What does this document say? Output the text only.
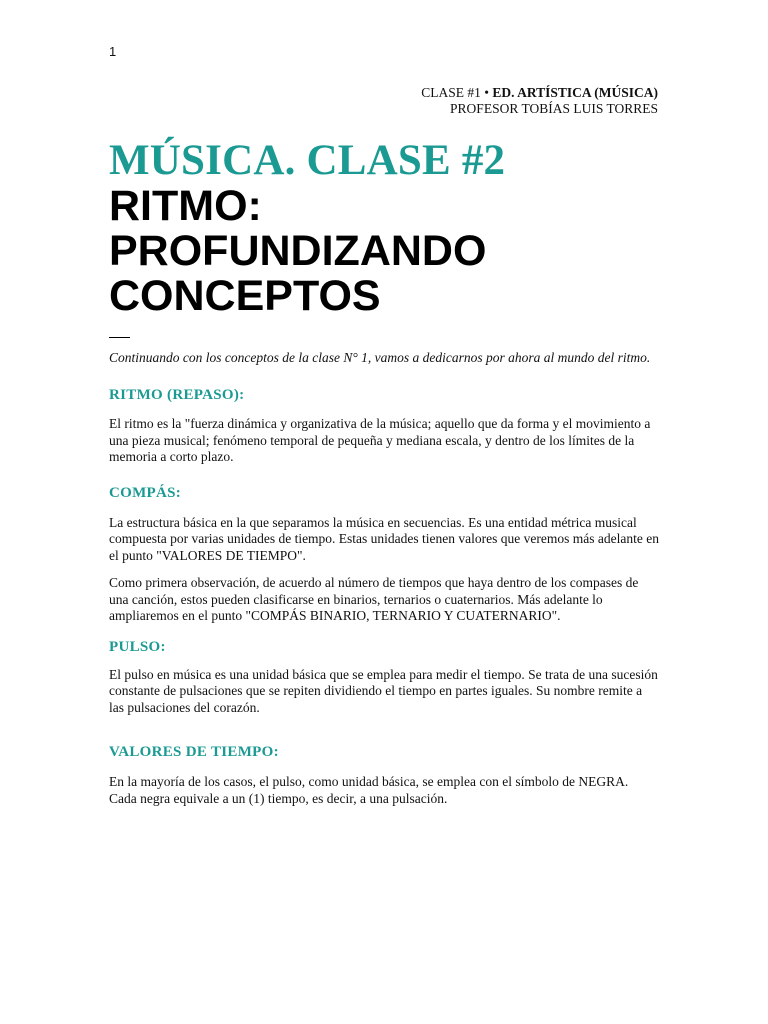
1
CLASE #1 • ED. ARTÍSTICA (MÚSICA)
PROFESOR TOBÍAS LUIS TORRES
MÚSICA. CLASE #2
RITMO:
PROFUNDIZANDO
CONCEPTOS

Continuando con los conceptos de la clase N° 1, vamos a dedicarnos por ahora al mundo del ritmo.

RITMO (REPASO):

El ritmo es la "fuerza dinámica y organizativa de la música; aquello que da forma y el movimiento a una pieza musical; fenómeno temporal de pequeña y mediana escala, y dentro de los límites de la memoria a corto plazo.

COMPÁS:

La estructura básica en la que separamos la música en secuencias. Es una entidad métrica musical compuesta por varias unidades de tiempo. Estas unidades tienen valores que veremos más adelante en el punto "VALORES DE TIEMPO".

Como primera observación, de acuerdo al número de tiempos que haya dentro de los compases de una canción, estos pueden clasificarse en binarios, ternarios o cuaternarios. Más adelante lo ampliaremos en el punto "COMPÁS BINARIO, TERNARIO Y CUATERNARIO".

PULSO:

El pulso en música es una unidad básica que se emplea para medir el tiempo. Se trata de una sucesión constante de pulsaciones que se repiten dividiendo el tiempo en partes iguales. Su nombre remite a las pulsaciones del corazón.

VALORES DE TIEMPO:

En la mayoría de los casos, el pulso, como unidad básica, se emplea con el símbolo de NEGRA. Cada negra equivale a un (1) tiempo, es decir, a una pulsación.
